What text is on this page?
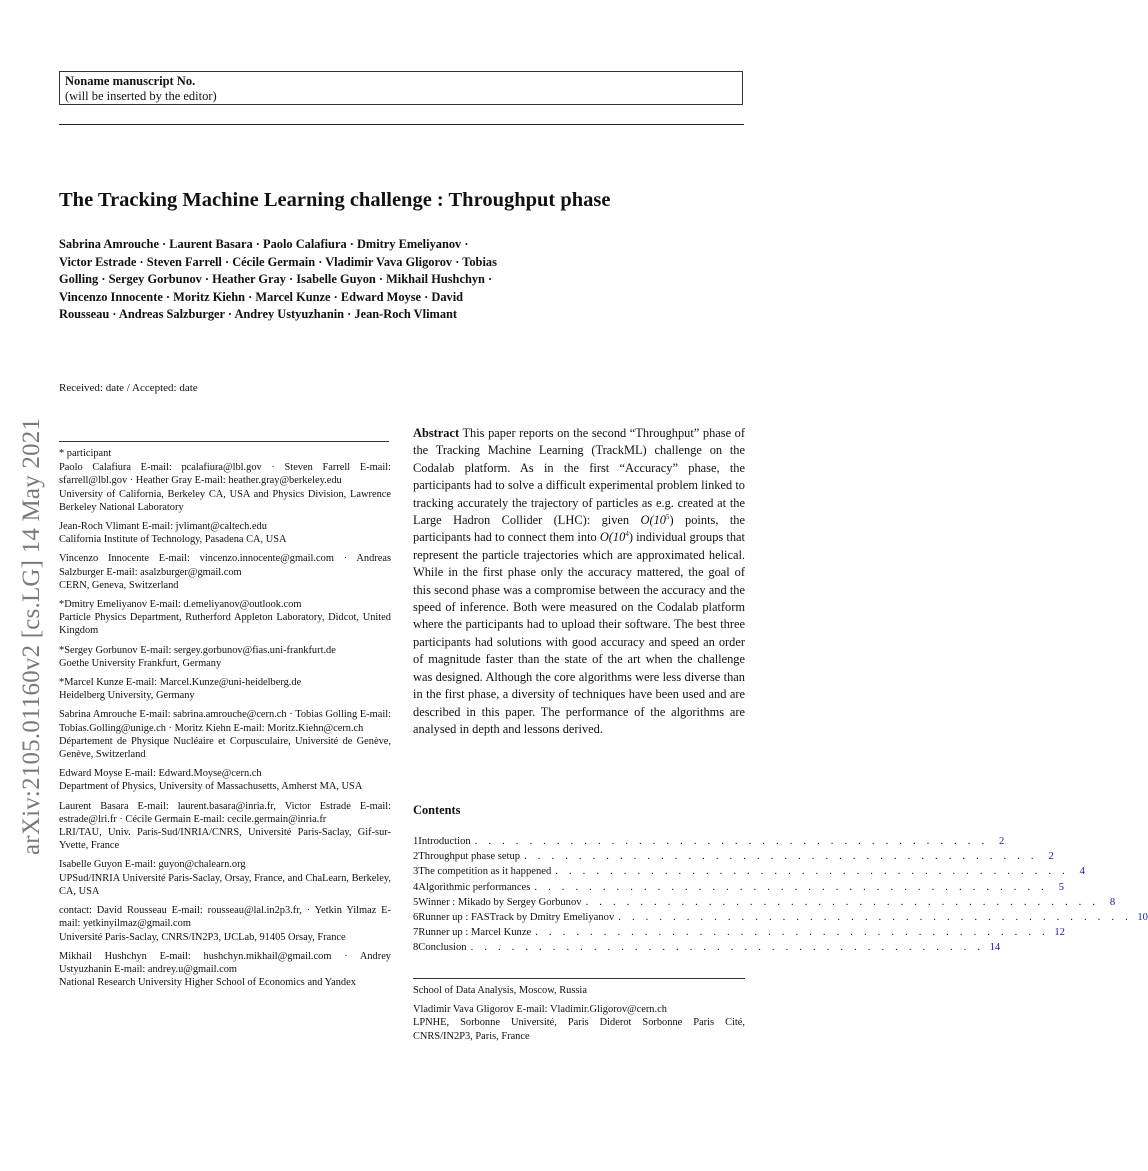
Noname manuscript No.
(will be inserted by the editor)
The Tracking Machine Learning challenge : Throughput phase
Sabrina Amrouche · Laurent Basara · Paolo Calafiura · Dmitry Emeliyanov ·
Victor Estrade · Steven Farrell · Cécile Germain · Vladimir Vava Gligorov · Tobias
Golling · Sergey Gorbunov · Heather Gray · Isabelle Guyon · Mikhail Hushchyn ·
Vincenzo Innocente · Moritz Kiehn · Marcel Kunze · Edward Moyse · David
Rousseau · Andreas Salzburger · Andrey Ustyuzhanin · Jean-Roch Vlimant
arXiv:2105.01160v2 [cs.LG] 14 May 2021
Received: date / Accepted: date

* participant

Paolo Calafiura E-mail: pcalafiura@lbl.gov · Steven Farrell E-mail: sfarrell@lbl.gov · Heather Gray E-mail: heather.gray@berkeley.edu

University of California, Berkeley CA, USA and Physics Division, Lawrence Berkeley National Laboratory

Jean-Roch Vlimant E-mail: jvlimant@caltech.edu

California Institute of Technology, Pasadena CA, USA

Vincenzo Innocente E-mail: vincenzo.innocente@gmail.com · Andreas Salzburger E-mail: asalzburger@gmail.com

CERN, Geneva, Switzerland

*Dmitry Emeliyanov E-mail: d.emeliyanov@outlook.com

Particle Physics Department, Rutherford Appleton Laboratory, Didcot, United Kingdom

*Sergey Gorbunov E-mail: sergey.gorbunov@fias.uni-frankfurt.de

Goethe University Frankfurt, Germany

*Marcel Kunze E-mail: Marcel.Kunze@uni-heidelberg.de

Heidelberg University, Germany

Sabrina Amrouche E-mail: sabrina.amrouche@cern.ch · Tobias Golling E-mail: Tobias.Golling@unige.ch · Moritz Kiehn E-mail: Moritz.Kiehn@cern.ch

Département de Physique Nucléaire et Corpusculaire, Université de Genève, Genève, Switzerland

Edward Moyse E-mail: Edward.Moyse@cern.ch

Department of Physics, University of Massachusetts, Amherst MA, USA

Laurent Basara E-mail: laurent.basara@inria.fr, Victor Estrade E-mail: estrade@lri.fr · Cécile Germain E-mail: cecile.germain@inria.fr

LRI/TAU, Univ. Paris-Sud/INRIA/CNRS, Université Paris-Saclay, Gif-sur-Yvette, France

Isabelle Guyon E-mail: guyon@chalearn.org

UPSud/INRIA Université Paris-Saclay, Orsay, France, and ChaLearn, Berkeley, CA, USA

contact: David Rousseau E-mail: rousseau@lal.in2p3.fr, · Yetkin Yilmaz E-mail: yetkinyilmaz@gmail.com

Université Paris-Saclay, CNRS/IN2P3, IJCLab, 91405 Orsay, France

Mikhail Hushchyn E-mail: hushchyn.mikhail@gmail.com · Andrey Ustyuzhanin E-mail: andrey.u@gmail.com

National Research University Higher School of Economics and Yandex

Abstract This paper reports on the second “Throughput” phase of the Tracking Machine Learning (TrackML) challenge on the Codalab platform. As in the first “Accuracy” phase, the participants had to solve a difficult experimental problem linked to tracking accurately the trajectory of particles as e.g. created at the Large Hadron Collider (LHC): given $O(10^5)$ points, the participants had to connect them into $O(10^4)$ individual groups that represent the particle trajectories which are approximated helical. While in the first phase only the accuracy mattered, the goal of this second phase was a compromise between the accuracy and the speed of inference. Both were measured on the Codalab platform where the participants had to upload their software. The best three participants had solutions with good accuracy and speed an order of magnitude faster than the state of the art when the challenge was designed. Although the core algorithms were less diverse than in the first phase, a diversity of techniques have been used and are described in this paper. The performance of the algorithms are analysed in depth and lessons derived.
Contents
1 Introduction . . . . . . . . . . . . . . . . . . . . . . . . . . . . . . . . . . . . . .	2
2 Throughput phase setup . . . . . . . . . . . . . . . . . . . . . . . . . . . . . . . . . . . . . .	2
3 The competition as it happened . . . . . . . . . . . . . . . . . . . . . . . . . . . . . . . . . . . . . .	4
4 Algorithmic performances . . . . . . . . . . . . . . . . . . . . . . . . . . . . . . . . . . . . . .	5
5 Winner : Mikado by Sergey Gorbunov . . . . . . . . . . . . . . . . . . . . . . . . . . . . . . . . . . . . . .	8
6 Runner up : FASTrack by Dmitry Emeliyanov . . . . . . . . . . . . . . . . . . . . . . . . . . . . . . . . . . . . . . 10
7 Runner up : Marcel Kunze . . . . . . . . . . . . . . . . . . . . . . . . . . . . . . . . . . . . . . 12
8 Conclusion . . . . . . . . . . . . . . . . . . . . . . . . . . . . . . . . . . . . . . 14

School of Data Analysis, Moscow, Russia

Vladimir Vava Gligorov E-mail: Vladimir.Gligorov@cern.ch

LPNHE, Sorbonne Université, Paris Diderot Sorbonne Paris Cité, CNRS/IN2P3, Paris, France
